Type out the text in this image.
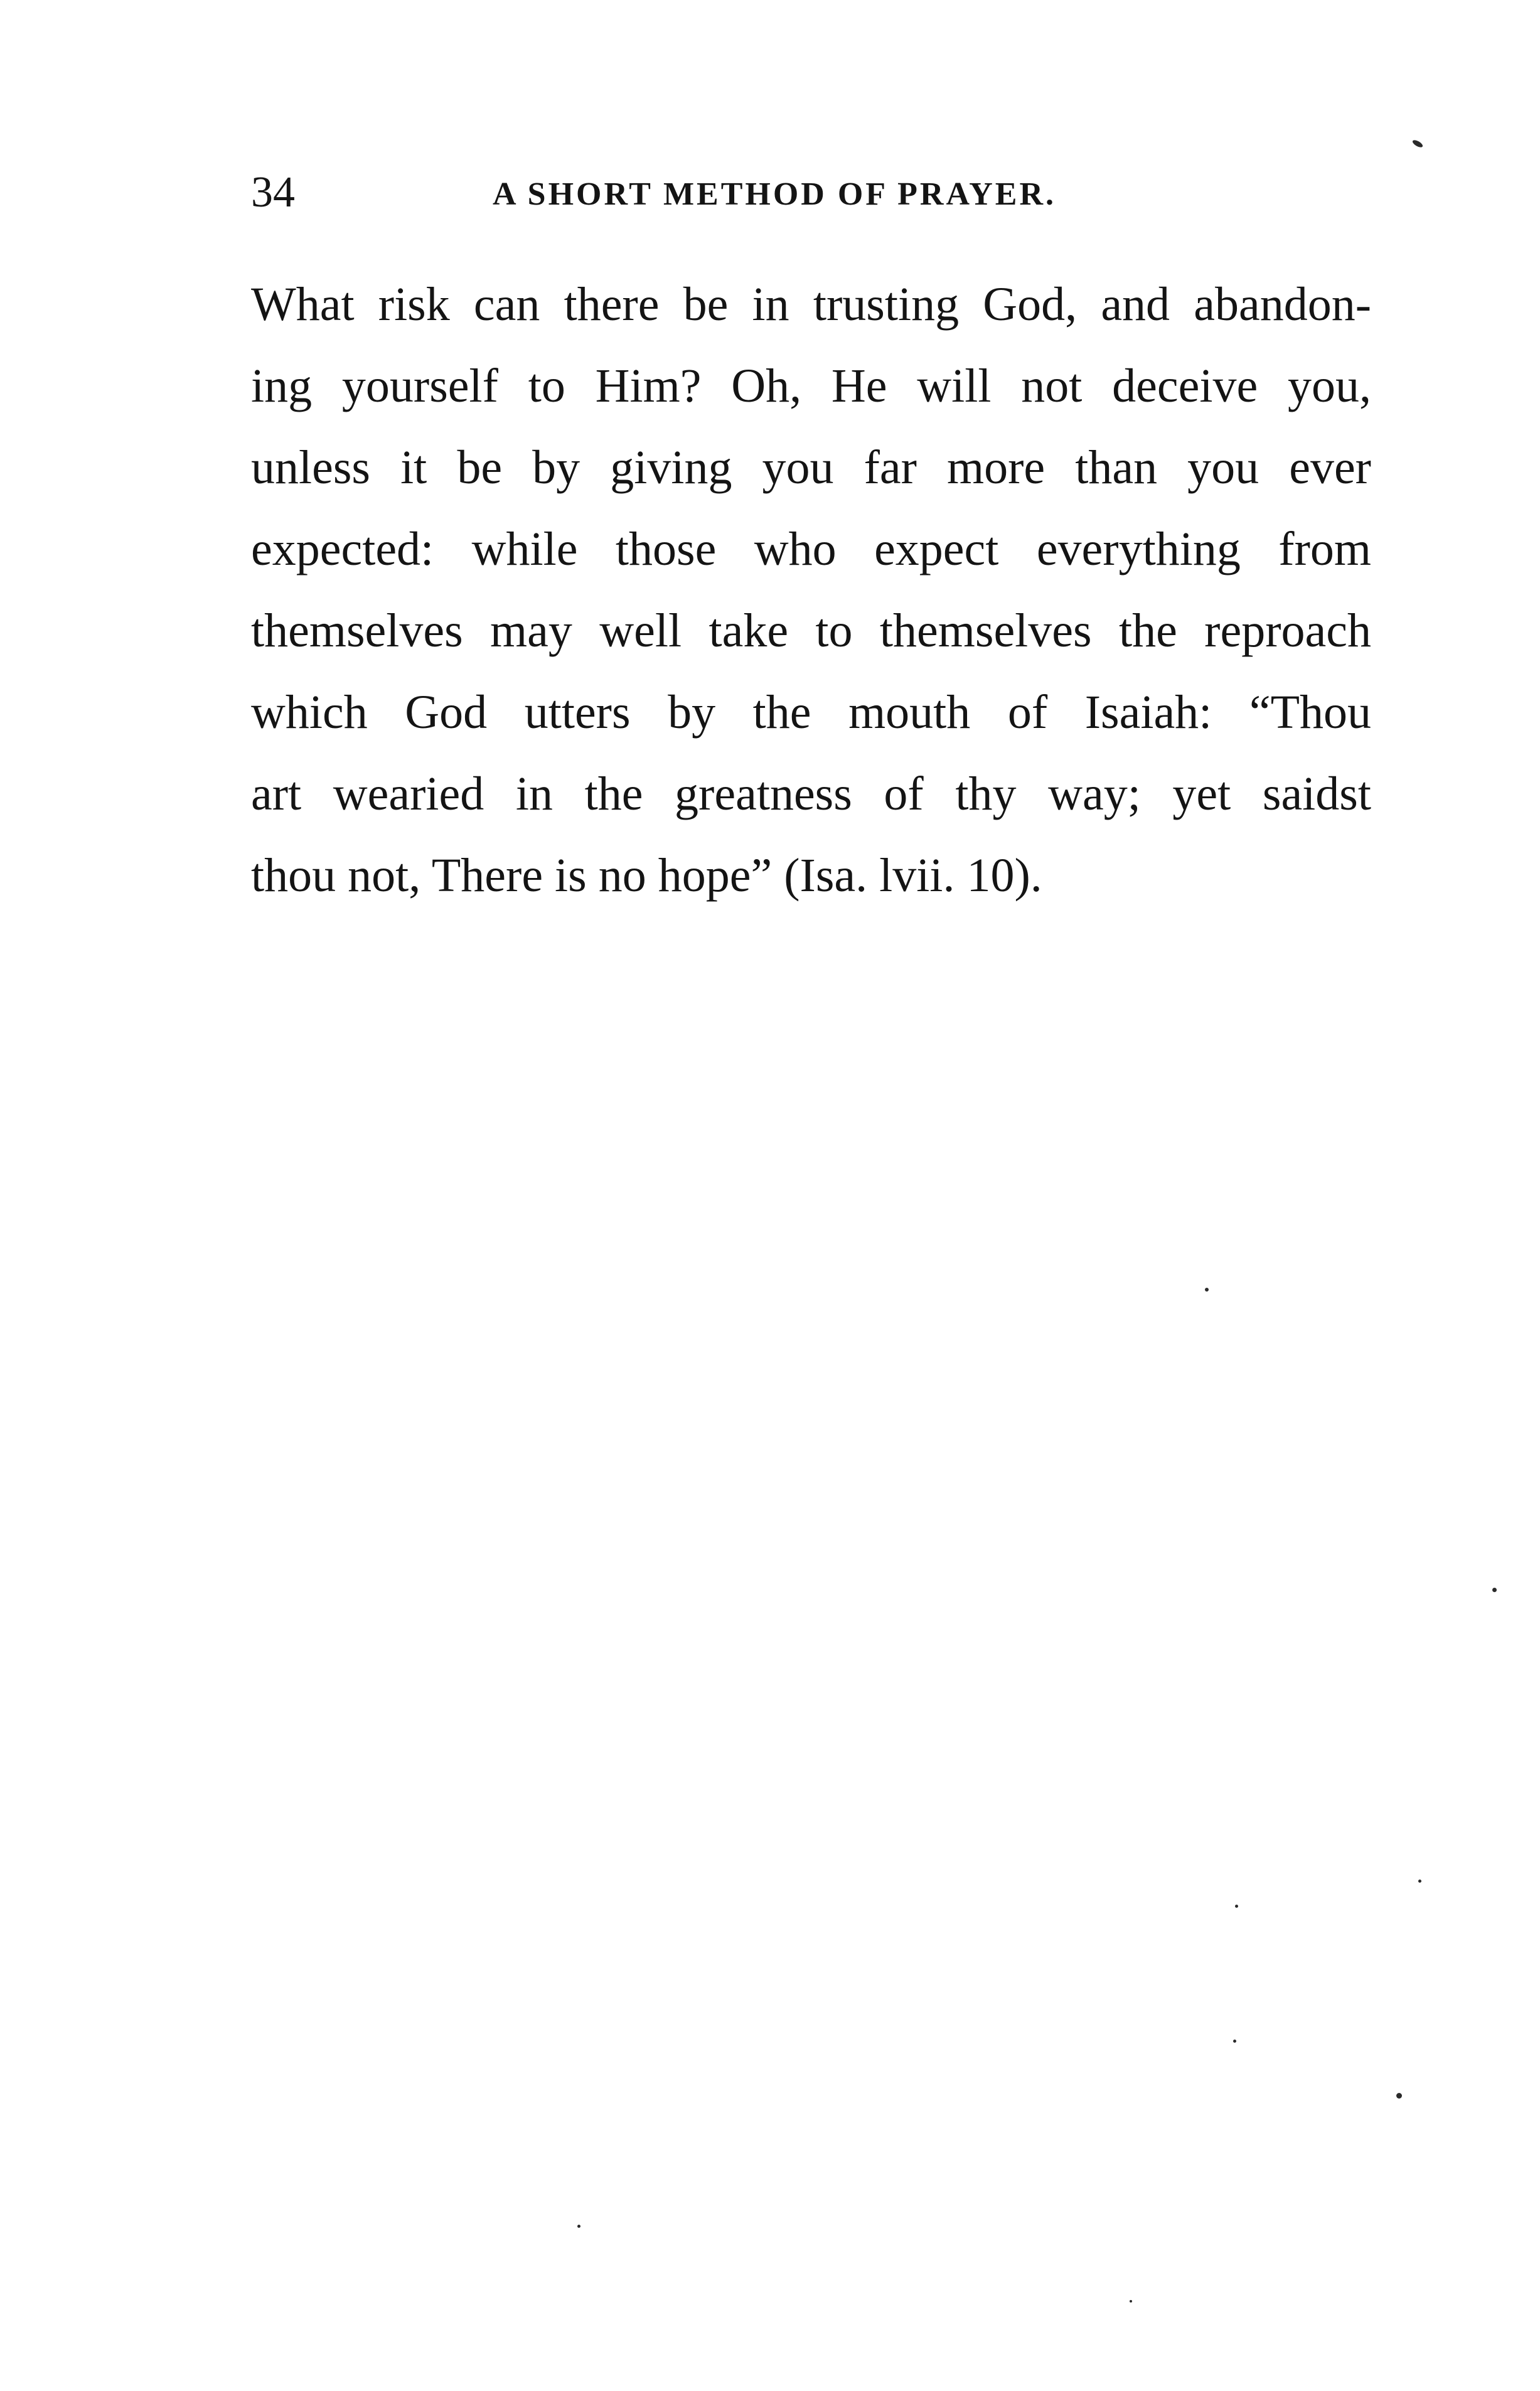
34	A SHORT METHOD OF PRAYER.
What risk can there be in trusting God, and abandon-
ing yourself to Him? Oh, He will not deceive you,
unless it be by giving you far more than you ever
expected: while those who expect everything from
themselves may well take to themselves the reproach
which God utters by the mouth of Isaiah: “Thou
art wearied in the greatness of thy way; yet saidst
thou not, There is no hope” (Isa. lvii. 10).
